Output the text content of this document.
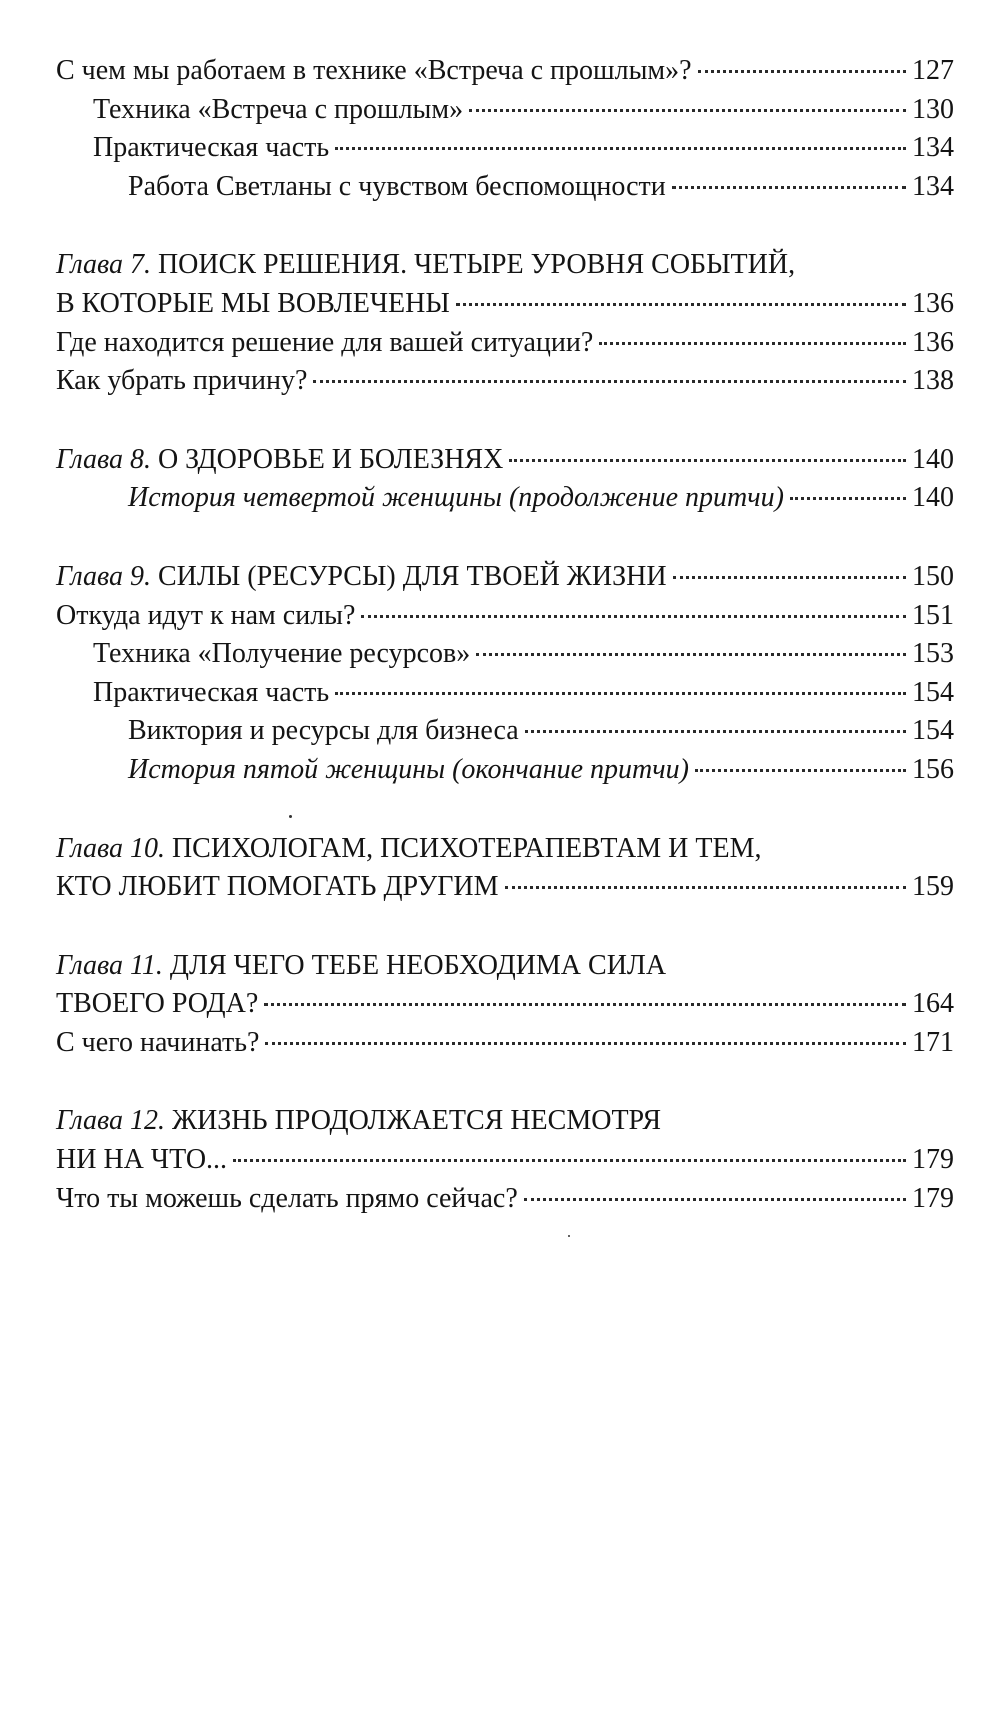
С чем мы работаем в технике «Встреча с прошлым»?	127
Техника «Встреча с прошлым»	130
Практическая часть	134
Работа Светланы с чувством беспомощности	134
Глава 7. ПОИСК РЕШЕНИЯ. ЧЕТЫРЕ УРОВНЯ СОБЫТИЙ,
В КОТОРЫЕ МЫ ВОВЛЕЧЕНЫ	136
Где находится решение для вашей ситуации?	136
Как убрать причину?	138
Глава 8. О ЗДОРОВЬЕ И БОЛЕЗНЯХ	140
История четвертой женщины (продолжение притчи)	140
Глава 9. СИЛЫ (РЕСУРСЫ) ДЛЯ ТВОЕЙ ЖИЗНИ	150
Откуда идут к нам силы?	151
Техника «Получение ресурсов»	153
Практическая часть	154
Виктория и ресурсы для бизнеса	154
История пятой женщины (окончание притчи)	156
Глава 10. ПСИХОЛОГАМ, ПСИХОТЕРАПЕВТАМ И ТЕМ,
КТО ЛЮБИТ ПОМОГАТЬ ДРУГИМ	159
Глава 11. ДЛЯ ЧЕГО ТЕБЕ НЕОБХОДИМА СИЛА
ТВОЕГО РОДА?	164
С чего начинать?	171
Глава 12. ЖИЗНЬ ПРОДОЛЖАЕТСЯ НЕСМОТРЯ
НИ НА ЧТО...	179
Что ты можешь сделать прямо сейчас?	179
